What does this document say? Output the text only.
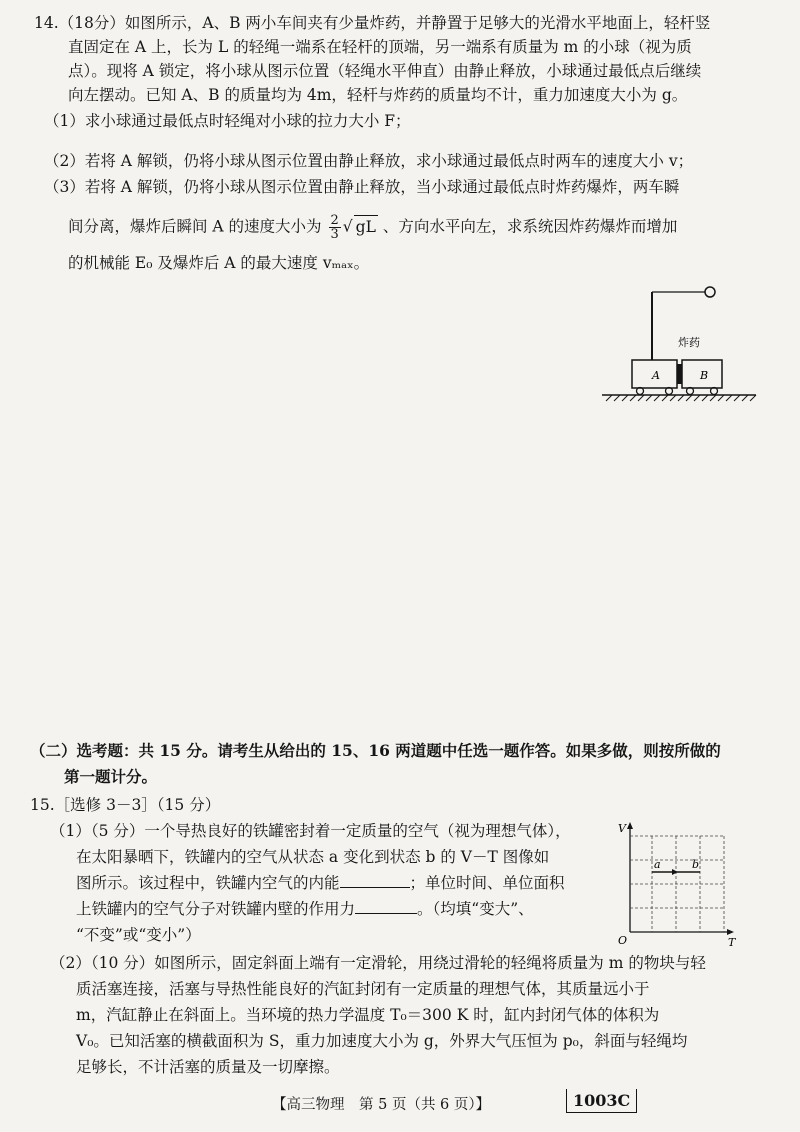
14.（18分）如图所示，A、B 两小车间夹有少量炸药，并静置于足够大的光滑水平地面上，轻杆竖
直固定在 A 上，长为 L 的轻绳一端系在轻杆的顶端，另一端系有质量为 m 的小球（视为质
点）。现将 A 锁定，将小球从图示位置（轻绳水平伸直）由静止释放，小球通过最低点后继续
向左摆动。已知 A、B 的质量均为 4m，轻杆与炸药的质量均不计，重力加速度大小为 g。
（1）求小球通过最低点时轻绳对小球的拉力大小 F；
（2）若将 A 解锁，仍将小球从图示位置由静止释放，求小球通过最低点时两车的速度大小 v；
（3）若将 A 解锁，仍将小球从图示位置由静止释放，当小球通过最低点时炸药爆炸，两车瞬
间分离，爆炸后瞬间 A 的速度大小为 $\frac{2}{3}$ √ gL 、方向水平向左，求系统因炸药爆炸而增加
的机械能 E₀ 及爆炸后 A 的最大速度 vₘₐₓ。
炸药
A	B
（二）选考题：共 15 分。请考生从给出的 15、16 两道题中任选一题作答。如果多做，则按所做的
第一题计分。
15.［选修 3－3］（15 分）
（1）（5 分）一个导热良好的铁罐密封着一定质量的空气（视为理想气体），
在太阳暴晒下，铁罐内的空气从状态 a 变化到状态 b 的 V－T 图像如
图所示。该过程中，铁罐内空气的内能	；单位时间、单位面积
上铁罐内的空气分子对铁罐内壁的作用力	。（均填“变大”、
“不变”或“变小”）
V
T
O
a	b
（2）（10 分）如图所示，固定斜面上端有一定滑轮，用绕过滑轮的轻绳将质量为 m 的物块与轻
质活塞连接，活塞与导热性能良好的汽缸封闭有一定质量的理想气体，其质量远小于
m，汽缸静止在斜面上。当环境的热力学温度 T₀＝300 K 时，缸内封闭气体的体积为
V₀。已知活塞的横截面积为 S，重力加速度大小为 g，外界大气压恒为 p₀，斜面与轻绳均
足够长，不计活塞的质量及一切摩擦。
【高三物理　第 5 页（共 6 页）】	1003C
